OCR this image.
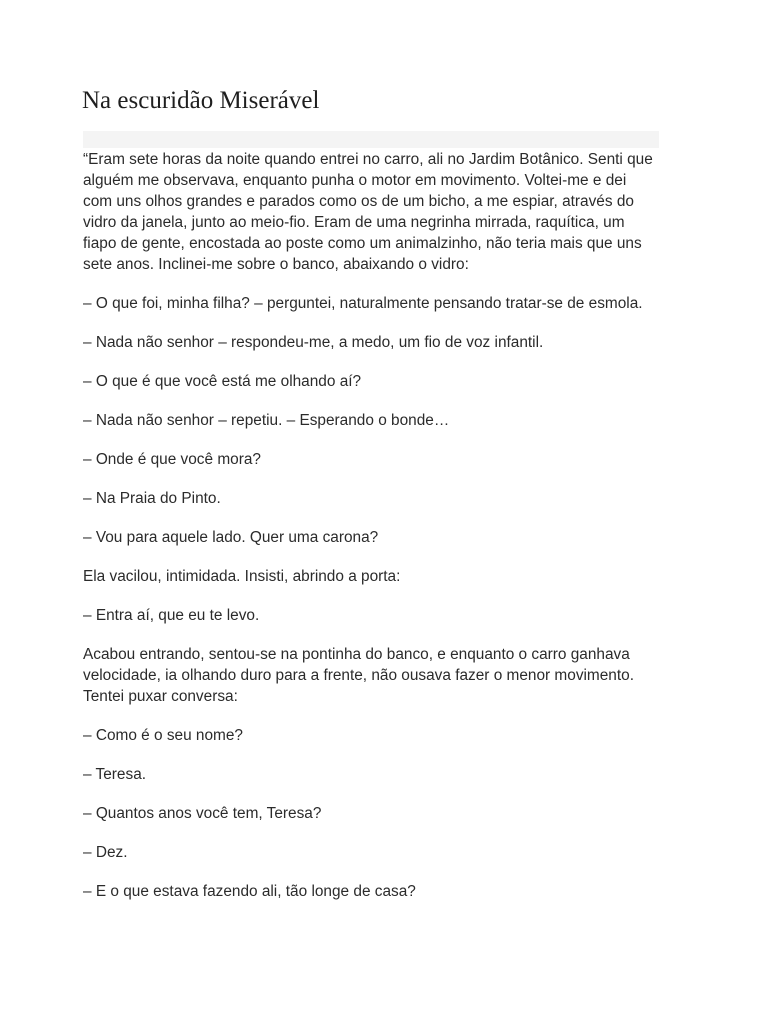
Na escuridão Miserável

“Eram sete horas da noite quando entrei no carro, ali no Jardim Botânico. Senti que
alguém me observava, enquanto punha o motor em movimento. Voltei-me e dei
com uns olhos grandes e parados como os de um bicho, a me espiar, através do
vidro da janela, junto ao meio-fio. Eram de uma negrinha mirrada, raquítica, um
fiapo de gente, encostada ao poste como um animalzinho, não teria mais que uns
sete anos. Inclinei-me sobre o banco, abaixando o vidro:

– O que foi, minha filha? – perguntei, naturalmente pensando tratar-se de esmola.

– Nada não senhor – respondeu-me, a medo, um fio de voz infantil.

– O que é que você está me olhando aí?

– Nada não senhor – repetiu. – Esperando o bonde…

– Onde é que você mora?

– Na Praia do Pinto.

– Vou para aquele lado. Quer uma carona?

Ela vacilou, intimidada. Insisti, abrindo a porta:

– Entra aí, que eu te levo.

Acabou entrando, sentou-se na pontinha do banco, e enquanto o carro ganhava
velocidade, ia olhando duro para a frente, não ousava fazer o menor movimento.
Tentei puxar conversa:

– Como é o seu nome?

– Teresa.

– Quantos anos você tem, Teresa?

– Dez.

– E o que estava fazendo ali, tão longe de casa?
